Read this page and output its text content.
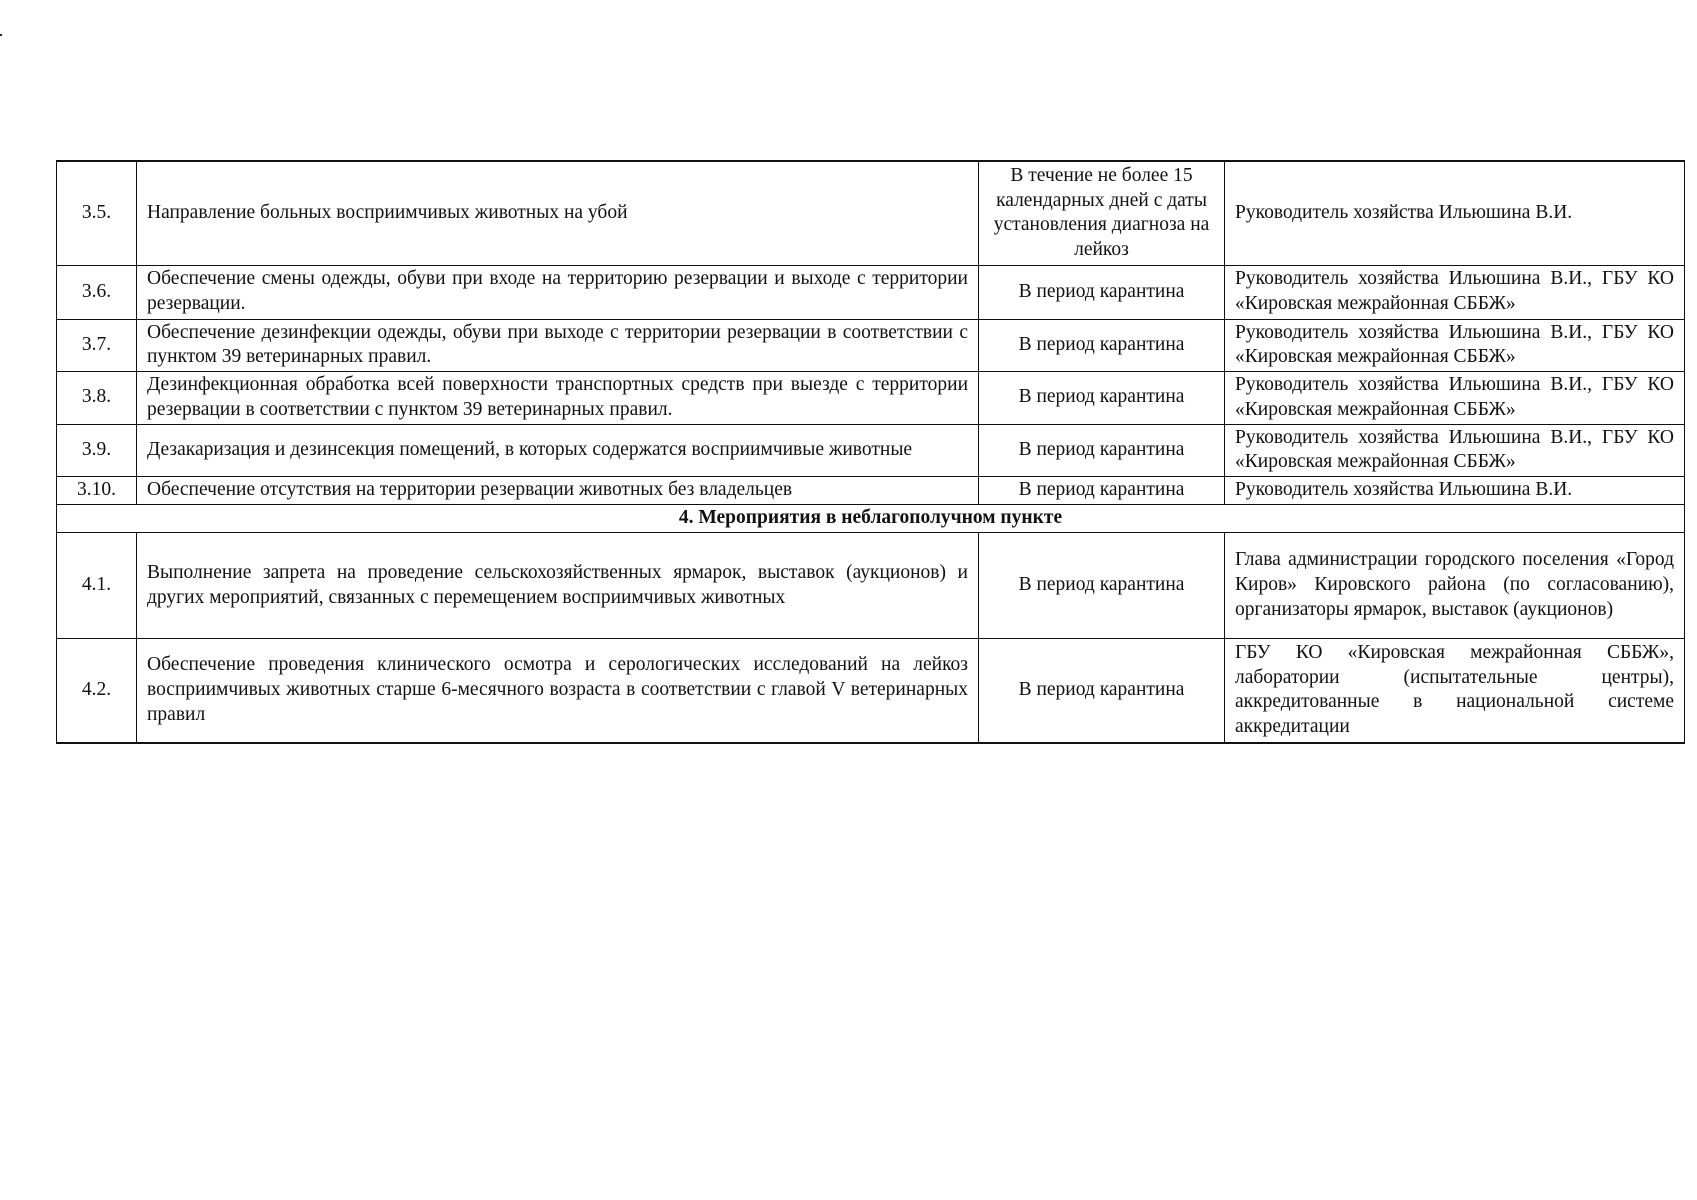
3.5.	Направление больных восприимчивых животных на убой	В течение не более 15 календарных дней с даты установления диагноза на лейкоз	Руководитель хозяйства Ильюшина В.И.
3.6.	Обеспечение смены одежды, обуви при входе на территорию резервации и выходе с территории резервации.	В период карантина	Руководитель хозяйства Ильюшина В.И., ГБУ КО «Кировская межрайонная СББЖ»
3.7.	Обеспечение дезинфекции одежды, обуви при выходе с территории резервации в соответствии с пунктом 39 ветеринарных правил.	В период карантина	Руководитель хозяйства Ильюшина В.И., ГБУ КО «Кировская межрайонная СББЖ»
3.8.	Дезинфекционная обработка всей поверхности транспортных средств при выезде с территории резервации в соответствии с пунктом 39 ветеринарных правил.	В период карантина	Руководитель хозяйства Ильюшина В.И., ГБУ КО «Кировская межрайонная СББЖ»
3.9.	Дезакаризация и дезинсекция помещений, в которых содержатся восприимчивые животные	В период карантина	Руководитель хозяйства Ильюшина В.И., ГБУ КО «Кировская межрайонная СББЖ»
3.10.	Обеспечение отсутствия на территории резервации животных без владельцев	В период карантина	Руководитель хозяйства Ильюшина В.И.
4. Мероприятия в неблагополучном пункте			
4.1.	Выполнение запрета на проведение сельскохозяйственных ярмарок, выставок (аукционов) и других мероприятий, связанных с перемещением восприимчивых животных	В период карантина	Глава администрации городского поселения «Город Киров» Кировского района (по согласованию), организаторы ярмарок, выставок (аукционов)
4.2.	Обеспечение проведения клинического осмотра и серологических исследований на лейкоз восприимчивых животных старше 6-месячного возраста в соответствии с главой V ветеринарных правил	В период карантина	ГБУ КО «Кировская межрайонная СББЖ», лаборатории (испытательные центры), аккредитованные в национальной системе аккредитации
